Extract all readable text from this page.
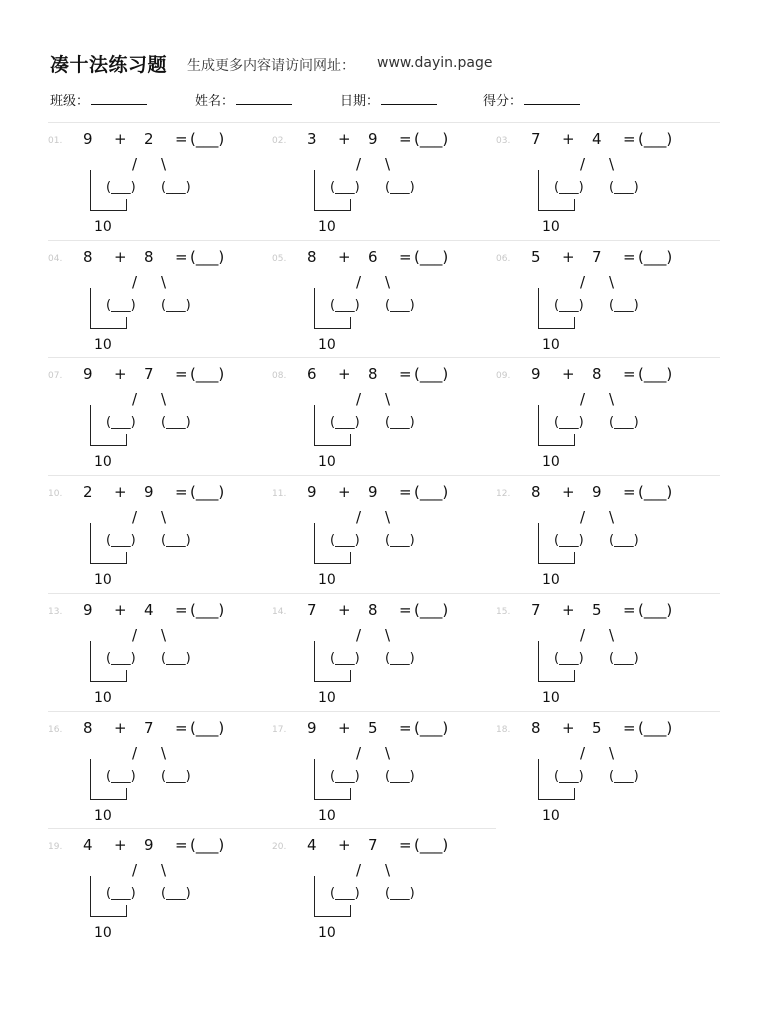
凑十法练习题 生成更多内容请访问网址： www.dayin.page
班级：	姓名：	日期：	得分：
01. 9 + 2 = (___)
/ \
(___) (___)
10
02. 3 + 9 = (___)
/ \
(___) (___)
10
03. 7 + 4 = (___)
/ \
(___) (___)
10
04. 8 + 8 = (___)
/ \
(___) (___)
10
05. 8 + 6 = (___)
/ \
(___) (___)
10
06. 5 + 7 = (___)
/ \
(___) (___)
10
07. 9 + 7 = (___)
/ \
(___) (___)
10
08. 6 + 8 = (___)
/ \
(___) (___)
10
09. 9 + 8 = (___)
/ \
(___) (___)
10
10. 2 + 9 = (___)
/ \
(___) (___)
10
11. 9 + 9 = (___)
/ \
(___) (___)
10
12. 8 + 9 = (___)
/ \
(___) (___)
10
13. 9 + 4 = (___)
/ \
(___) (___)
10
14. 7 + 8 = (___)
/ \
(___) (___)
10
15. 7 + 5 = (___)
/ \
(___) (___)
10
16. 8 + 7 = (___)
/ \
(___) (___)
10
17. 9 + 5 = (___)
/ \
(___) (___)
10
18. 8 + 5 = (___)
/ \
(___) (___)
10
19. 4 + 9 = (___)
/ \
(___) (___)
10
20. 4 + 7 = (___)
/ \
(___) (___)
10
